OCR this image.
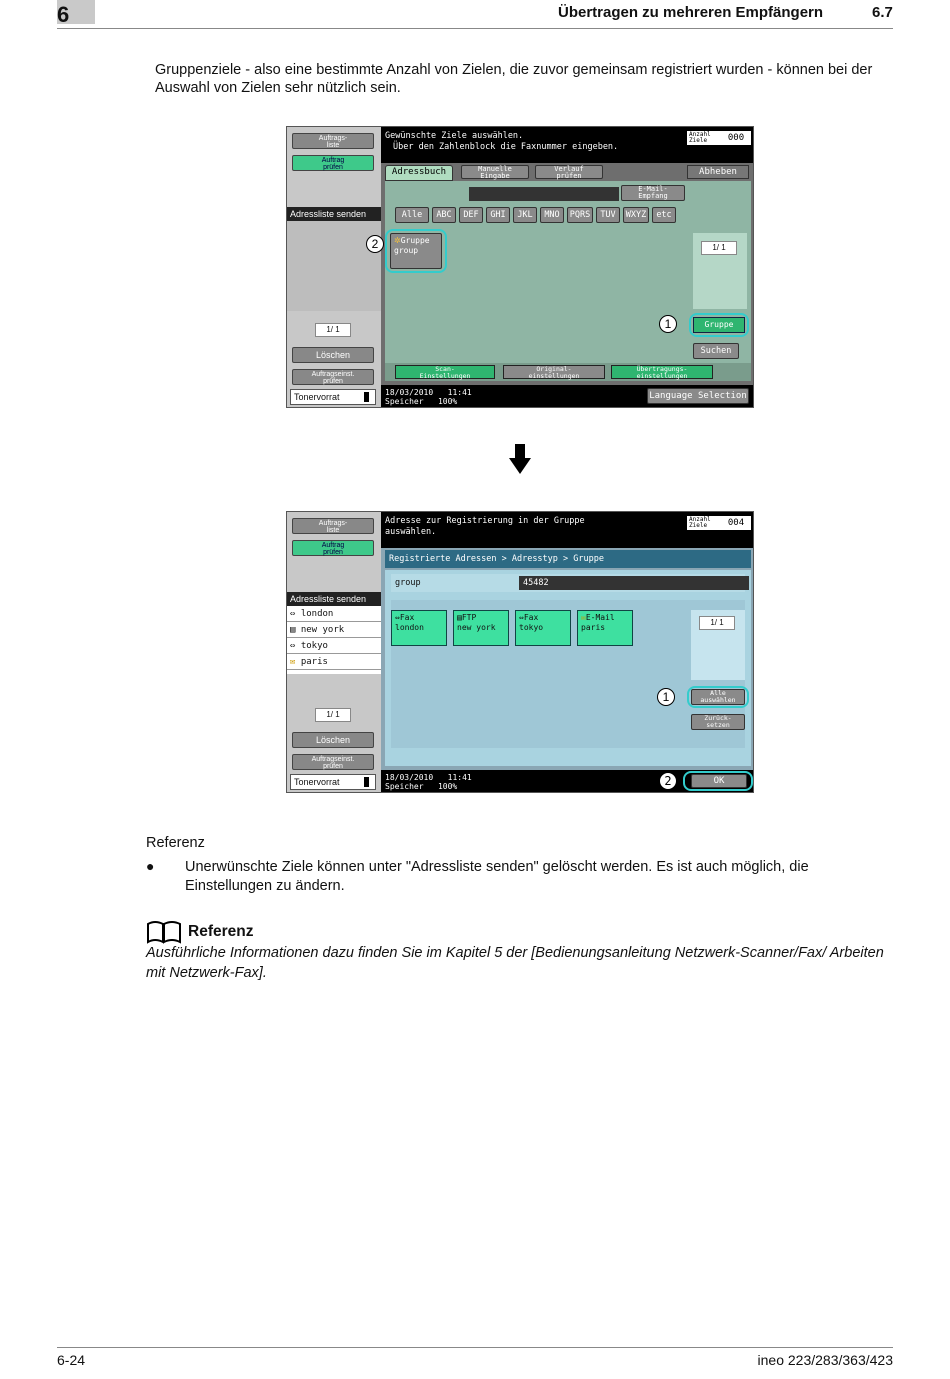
6	Übertragen zu mehreren Empfängern	6.7
Gruppenziele - also eine bestimmte Anzahl von Zielen, die zuvor gemeinsam registriert wurden - können bei der Auswahl von Zielen sehr nützlich sein.
Auftrags-
liste
Auftrag
prüfen
Adressliste senden
1/ 1
Löschen
Auftragseinst.
prüfen
Tonervorrat
Gewünschte Ziele auswählen.
Über den Zahlenblock die Faxnummer eingeben.
Anzahl
Ziele	000
Adressbuch	Manuelle
Eingabe
Verlauf
prüfen	Abheben
E-Mail-
Empfang
Alle	ABC	DEF	GHI	JKL	MNO	PQRS	TUV	WXYZ	etc
✲Gruppe
group	1/ 1
Gruppe
Suchen
1
2
Scan-
Einstellungen
Original-
einstellungen
Übertragungs-
einstellungen
18/03/2010 11:41
Speicher 100%
Language Selection
Auftrags-
liste
Auftrag
prüfen
Adressliste senden
⇔ london
▤ new york
⇔ tokyo
✉ paris
1/ 1
Löschen
Auftragseinst.
prüfen
Tonervorrat
Adresse zur Registrierung in der Gruppe
auswählen.
Anzahl
Ziele	004
Registrierte Adressen > Adresstyp > Gruppe
group	45482
⇔Fax
london
▤FTP
new york
⇔Fax
tokyo
✉E-Mail
paris
1/ 1
Alle
auswählen
Zurück-
setzen
1
18/03/2010 11:41
Speicher 100%
OK
2
Referenz
● Unerwünschte Ziele können unter "Adressliste senden" gelöscht werden. Es ist auch möglich, die Einstellungen zu ändern.
Referenz
Ausführliche Informationen dazu finden Sie im Kapitel 5 der [Bedienungsanleitung Netzwerk-Scanner/Fax/ Arbeiten mit Netzwerk-Fax].
6-24	ineo 223/283/363/423
